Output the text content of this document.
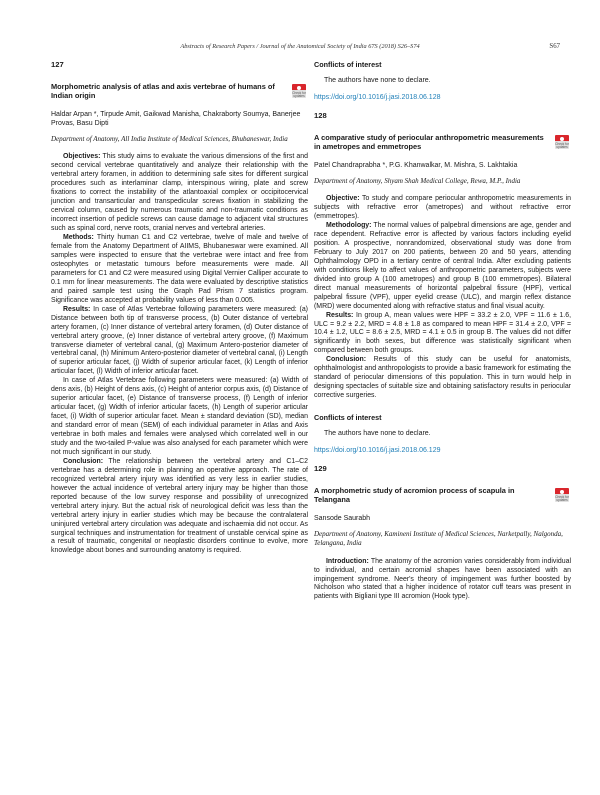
Abstracts of Research Papers / Journal of the Anatomical Society of India 67S (2018) S26–S74	S67
127
Morphometric analysis of atlas and axis vertebrae of humans of Indian origin	Check for updates
Haldar Arpan *, Tirpude Amit, Gaikwad Manisha, Chakraborty Soumya, Banerjee Provas, Basu Dipti
Department of Anatomy, All India Institute of Medical Sciences, Bhubaneswar, India

Objectives: This study aims to evaluate the various dimensions of the first and second cervical vertebrae quantitatively and analyze their relationship with the vertebral artery foramen, in addition to determining safe sites for different surgical procedures such as interlaminar clamp, interspinous wiring, plate and screw fixations to correct the instability of the atlantoaxial complex or occipitocervical junction and transarticular and transpedicular screws fixation in stabilizing the cervical column, caused by numerous traumatic and non-traumatic conditions as incorrect insertion of pedicle screws can cause damage to adjacent vital structures such as spinal cord, nerve roots, cranial nerves and vertebral arteries.

Methods: Thirty human C1 and C2 vertebrae, twelve of male and twelve of female from the Anatomy Department of AIIMS, Bhubaneswar were examined. All samples were inspected to ensure that the vertebrae were intact and free from osteophytes or metastatic tumours before measurements were made. All parameters for C1 and C2 were measured using Digital Vernier Calliper accurate to 0.1 mm for linear measurements. The data were evaluated by descriptive statistics and paired sample test using the Graph Pad Prism 7 statistics program. Significance was accepted at probability values of less than 0.005.

Results: In case of Atlas Vertebrae following parameters were measured: (a) Distance between both tip of transverse process, (b) Outer distance of vertebral artery foramen, (c) Inner distance of vertebral artery foramen, (d) Outer distance of vertebral artery groove, (e) Inner distance of vertebral artery groove, (f) Maximum transverse diameter of vertebral canal, (g) Maximum Antero-posterior diameter of vertebral canal, (h) Minimum Antero-posterior diameter of vertebral canal, (i) Length of superior articular facet, (j) Width of superior articular facet, (k) Length of inferior articular facet, (l) Width of inferior articular facet.

In case of Atlas Vertebrae following parameters were measured: (a) Width of dens axis, (b) Height of dens axis, (c) Height of anterior corpus axis, (d) Distance of superior articular facet, (e) Distance of transverse process, (f) Length of inferior articular facet, (g) Width of inferior articular facets, (h) Length of superior articular facet, (i) Width of superior articular facet. Mean ± standard deviation (SD), median and standard error of mean (SEM) of each individual parameter in Atlas and Axis vertebrae in both males and females were analysed which correlated well in our study and the two-tailed P-value was also analysed for each parameter which were not much significant in our study.

Conclusion: The relationship between the vertebral artery and C1–C2 vertebrae has a determining role in planning an operative approach. The rate of recognized vertebral artery injury was identified as very less in earlier studies, however the actual incidence of vertebral artery injury may be higher than those reported because of the low survey response and possibility of unrecognized vertebral artery injury. But the actual risk of neurological deficit was less than the vertebral artery injury in earlier studies which may be because the contralateral uninjured vertebral artery circulation was adequate and ischaemia did not occur. As surgical techniques and instrumentation for treatment of unstable cervical spine as a result of traumatic, congenital or neoplastic disorders continue to evolve, more knowledge about bones and surrounding anatomy is required.

Conflicts of interest
The authors have none to declare.
https://doi.org/10.1016/j.jasi.2018.06.128
128
A comparative study of periocular anthropometric measurements in ametropes and emmetropes	Check for updates
Patel Chandraprabha *, P.G. Khanwalkar, M. Mishra, S. Lakhtakia
Department of Anatomy, Shyam Shah Medical College, Rewa, M.P., India

Objective: To study and compare periocular anthropometric measurements in subjects with refractive error (ametropes) and without refractive error (emmetropes).

Methodology: The normal values of palpebral dimensions are age, gender and race dependent. Refractive error is affected by various factors including eyelid position. A prospective, nonrandomized, observational study was done from February to July 2017 on 200 patients, between 20 and 50 years, attending Ophthalmology OPD in a tertiary centre of central India. After excluding patients with conditions likely to affect values of anthropometric parameters, subjects were divided into group A (100 ametropes) and group B (100 emmetropes). Bilateral direct manual measurements of horizontal palpebral fissure (HPF), vertical palpebral fissure (VPF), upper eyelid crease (ULC), and margin reflex distance (MRD) were documented along with refractive status and final visual acuity.

Results: In group A, mean values were HPF = 33.2 ± 2.0, VPF = 11.6 ± 1.6, ULC = 9.2 ± 2.2, MRD = 4.8 ± 1.8 as compared to mean HPF = 31.4 ± 2.0, VPF = 10.4 ± 1.2, ULC = 8.6 ± 2.5, MRD = 4.1 ± 0.5 in group B. The values did not differ significantly in both sexes, but difference was statistically significant when compared between both groups.

Conclusion: Results of this study can be useful for anatomists, ophthalmologist and anthropologists to provide a basic framework for estimating the standard of periocular dimensions of this population. This in turn would help in designing spectacles of suitable size and obtaining satisfactory results in periocular corrective surgeries.

Conflicts of interest
The authors have none to declare.
https://doi.org/10.1016/j.jasi.2018.06.129
129
A morphometric study of acromion process of scapula in Telangana	Check for updates
Sansode Saurabh
Department of Anatomy, Kamineni Institute of Medical Sciences, Narketpally, Nalgonda, Telangana, India

Introduction: The anatomy of the acromion varies considerably from individual to individual, and certain acromial shapes have been associated with an impingement syndrome. Neer's theory of impingement was further boosted by Nicholson who stated that a higher incidence of rotator cuff tears was present in patients with Bigliani type III acromion (Hook type).
